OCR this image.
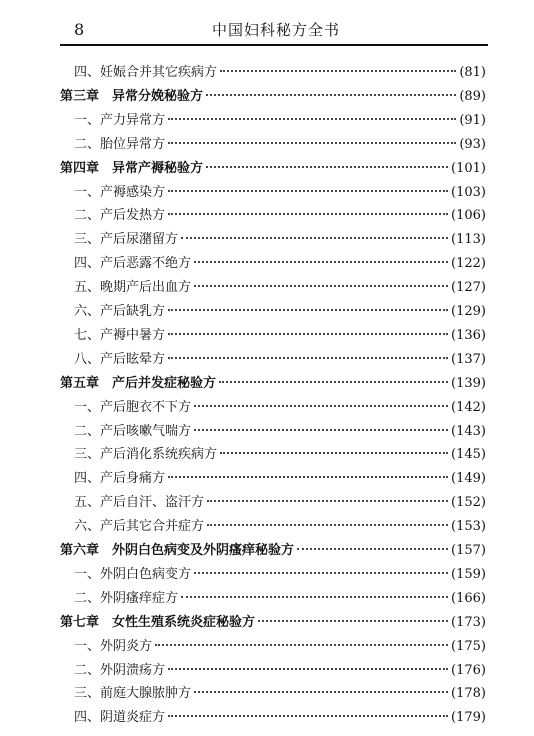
8	中国妇科秘方全书
四、妊娠合并其它疾病方	(81)
第三章　异常分娩秘验方	(89)
一、产力异常方	(91)
二、胎位异常方	(93)
第四章　异常产褥秘验方	(101)
一、产褥感染方	(103)
二、产后发热方	(106)
三、产后尿潴留方	(113)
四、产后恶露不绝方	(122)
五、晚期产后出血方	(127)
六、产后缺乳方	(129)
七、产褥中暑方	(136)
八、产后眩晕方	(137)
第五章　产后并发症秘验方	(139)
一、产后胞衣不下方	(142)
二、产后咳嗽气喘方	(143)
三、产后消化系统疾病方	(145)
四、产后身痛方	(149)
五、产后自汗、盗汗方	(152)
六、产后其它合并症方	(153)
第六章　外阴白色病变及外阴瘙痒秘验方	(157)
一、外阴白色病变方	(159)
二、外阴瘙痒症方	(166)
第七章　女性生殖系统炎症秘验方	(173)
一、外阴炎方	(175)
二、外阴溃疡方	(176)
三、前庭大腺脓肿方	(178)
四、阴道炎症方	(179)
